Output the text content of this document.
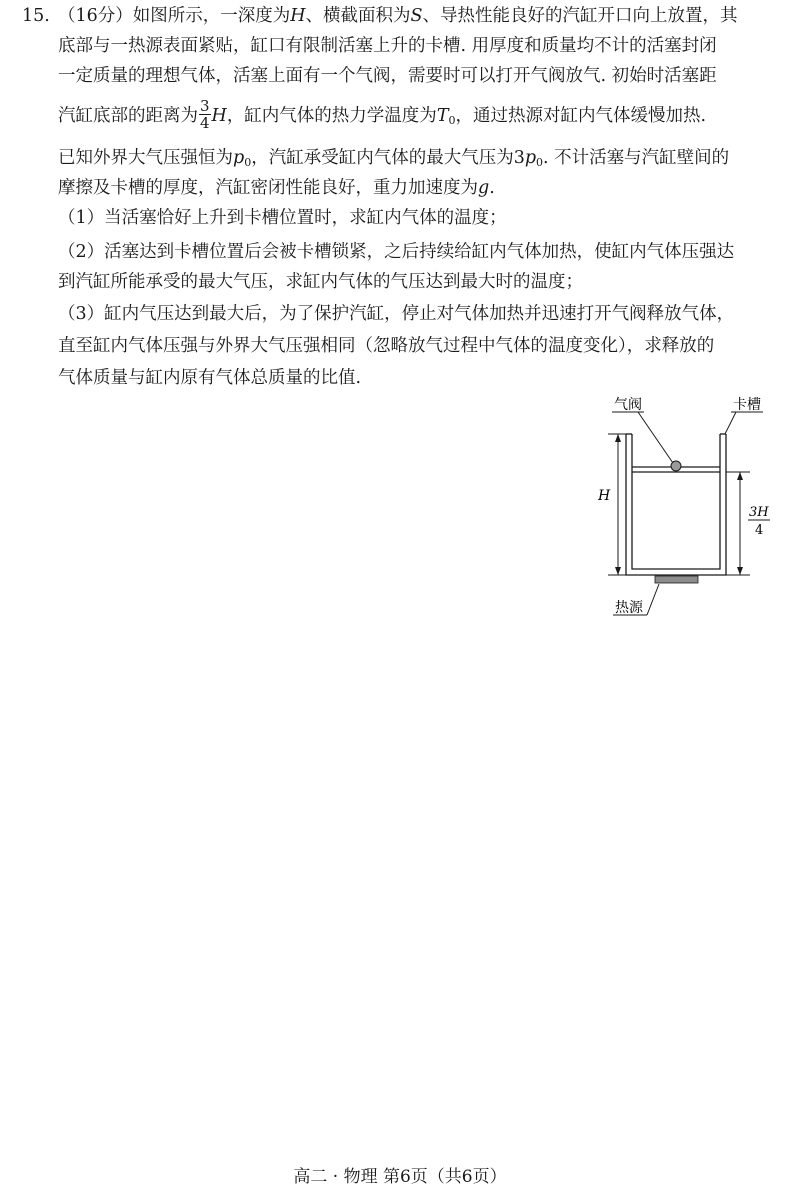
15. （16分）如图所示，一深度为H、横截面积为S、导热性能良好的汽缸开口向上放置，其
底部与一热源表面紧贴，缸口有限制活塞上升的卡槽. 用厚度和质量均不计的活塞封闭
一定质量的理想气体，活塞上面有一个气阀，需要时可以打开气阀放气. 初始时活塞距
汽缸底部的距离为 $\frac{3}{4}$ H，缸内气体的热力学温度为$T_0$，通过热源对缸内气体缓慢加热.
已知外界大气压强恒为$p_0$，汽缸承受缸内气体的最大气压为$3p_0$. 不计活塞与汽缸壁间的
摩擦及卡槽的厚度，汽缸密闭性能良好，重力加速度为g.
（1）当活塞恰好上升到卡槽位置时，求缸内气体的温度；
（2）活塞达到卡槽位置后会被卡槽锁紧，之后持续给缸内气体加热，使缸内气体压强达
到汽缸所能承受的最大气压，求缸内气体的气压达到最大时的温度；
（3）缸内气压达到最大后，为了保护汽缸，停止对气体加热并迅速打开气阀释放气体，
直至缸内气体压强与外界大气压强相同（忽略放气过程中气体的温度变化），求释放的
气体质量与缸内原有气体总质量的比值.
气阀	卡槽
热源
H
3H
4
高二 · 物理 第6页（共6页）
